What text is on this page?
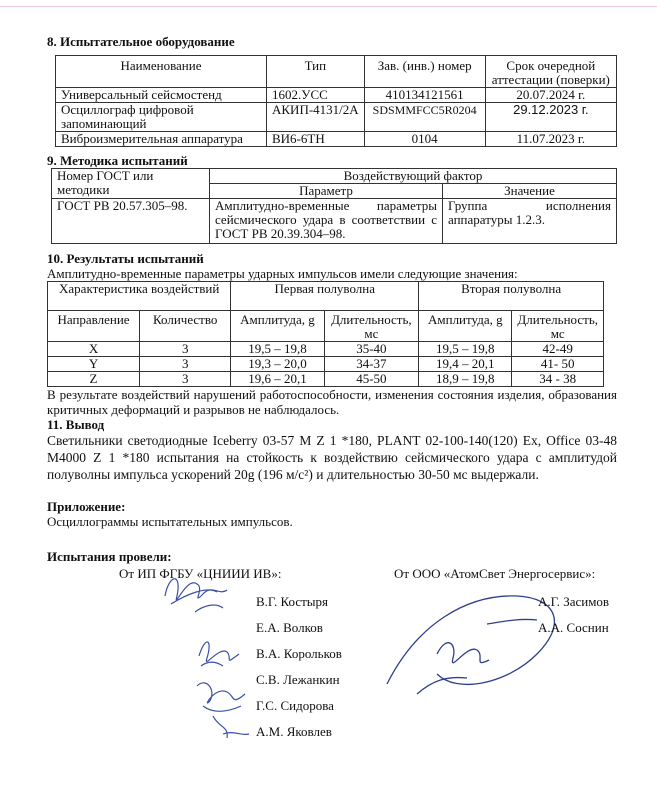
8. Испытательное оборудование

Наименование	Тип	Зав. (инв.) номер	Срок очередной аттестации (поверки)
Универсальный сейсмостенд	1602.УСС	410134121561	20.07.2024 г.
Осциллограф цифровой запоминающий	АКИП-4131/2А	SDSMMFCC5R0204	29.12.2023 г.
Виброизмерительная аппаратура	ВИ6-6ТН	0104	11.07.2023 г.

9. Методика испытаний

Номер ГОСТ или методики	Воздействующий фактор	
	Параметр	Значение
ГОСТ РВ 20.57.305–98.	Амплитудно-временные параметры сейсмического удара в соответствии с ГОСТ РВ 20.39.304–98.	Группа исполнения аппаратуры 1.2.3.

10. Результаты испытаний

Амплитудно-временные параметры ударных импульсов имели следующие значения:

Характеристика воздействий		Первая полуволна		Вторая полуволна	
Направление	Количество	Амплитуда, g	Длительность, мс	Амплитуда, g	Длительность, мс
X	3	19,5 – 19,8	35-40	19,5 – 19,8	42-49
Y	3	19,3 – 20,0	34-37	19,4 – 20,1	41- 50
Z	3	19,6 – 20,1	45-50	18,9 – 19,8	34 - 38

В результате воздействий нарушений работоспособности, изменения состояния изделия, образования критичных деформаций и разрывов не наблюдалось.

11. Вывод

Светильники светодиодные Iceberry 03-57 M Z 1 *180, PLANT 02-100-140(120) Ex, Office 03-48 M4000 Z 1 *180 испытания на стойкость к воздействию сейсмического удара с амплитудой полуволны импульса ускорений 20g (196 м/с²) и длительностью 30-50 мс выдержали.

Приложение:

Осциллограммы испытательных импульсов.

Испытания провели:

От ИП ФГБУ «ЦНИИИ ИВ»:	От ООО «АтомСвет Энергосервис»:
В.Г. Костыря
Е.А. Волков
В.А. Корольков
С.В. Лежанкин
Г.С. Сидорова
А.М. Яковлев
А.Г. Засимов
А.А. Соснин
